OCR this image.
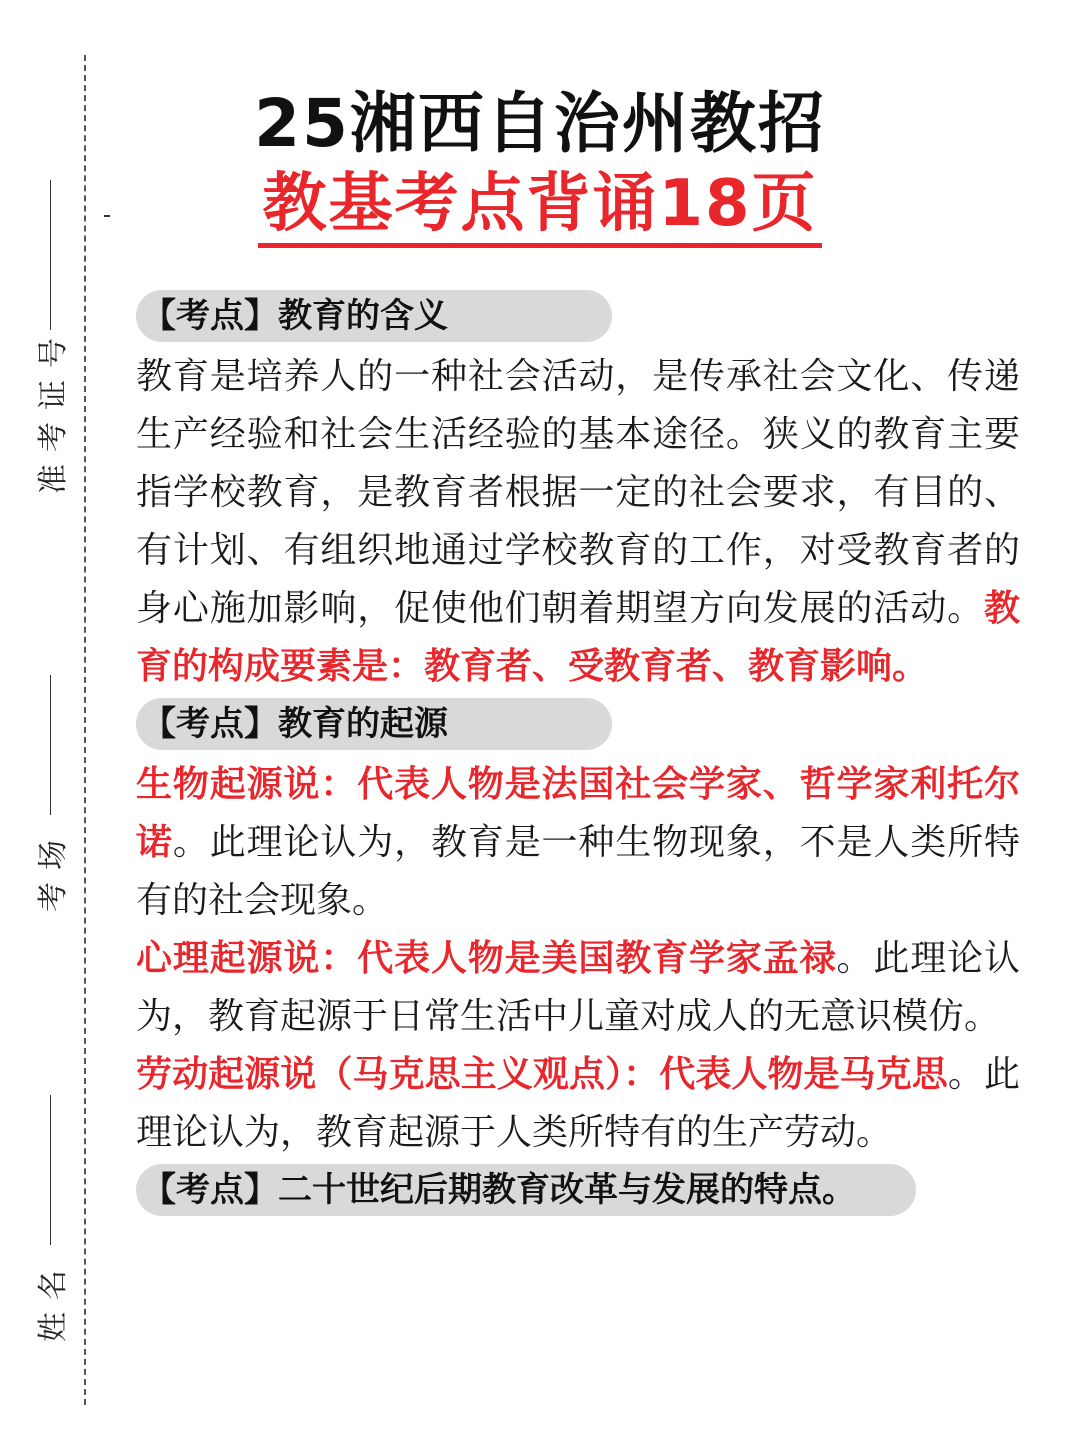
准考证号
考场
姓名
25湘西自治州教招
教基考点背诵18页
【考点】教育的含义

教育是培养人的一种社会活动，是传承社会文化、传递生产经验和社会生活经验的基本途径。狭义的教育主要指学校教育，是教育者根据一定的社会要求，有目的、有计划、有组织地通过学校教育的工作，对受教育者的身心施加影响，促使他们朝着期望方向发展的活动。教育的构成要素是：教育者、受教育者、教育影响。

【考点】教育的起源

生物起源说：代表人物是法国社会学家、哲学家利托尔诺。此理论认为，教育是一种生物现象，不是人类所特有的社会现象。

心理起源说：代表人物是美国教育学家孟禄。此理论认为，教育起源于日常生活中儿童对成人的无意识模仿。

劳动起源说（马克思主义观点）：代表人物是马克思。此理论认为，教育起源于人类所特有的生产劳动。

【考点】二十世纪后期教育改革与发展的特点。
